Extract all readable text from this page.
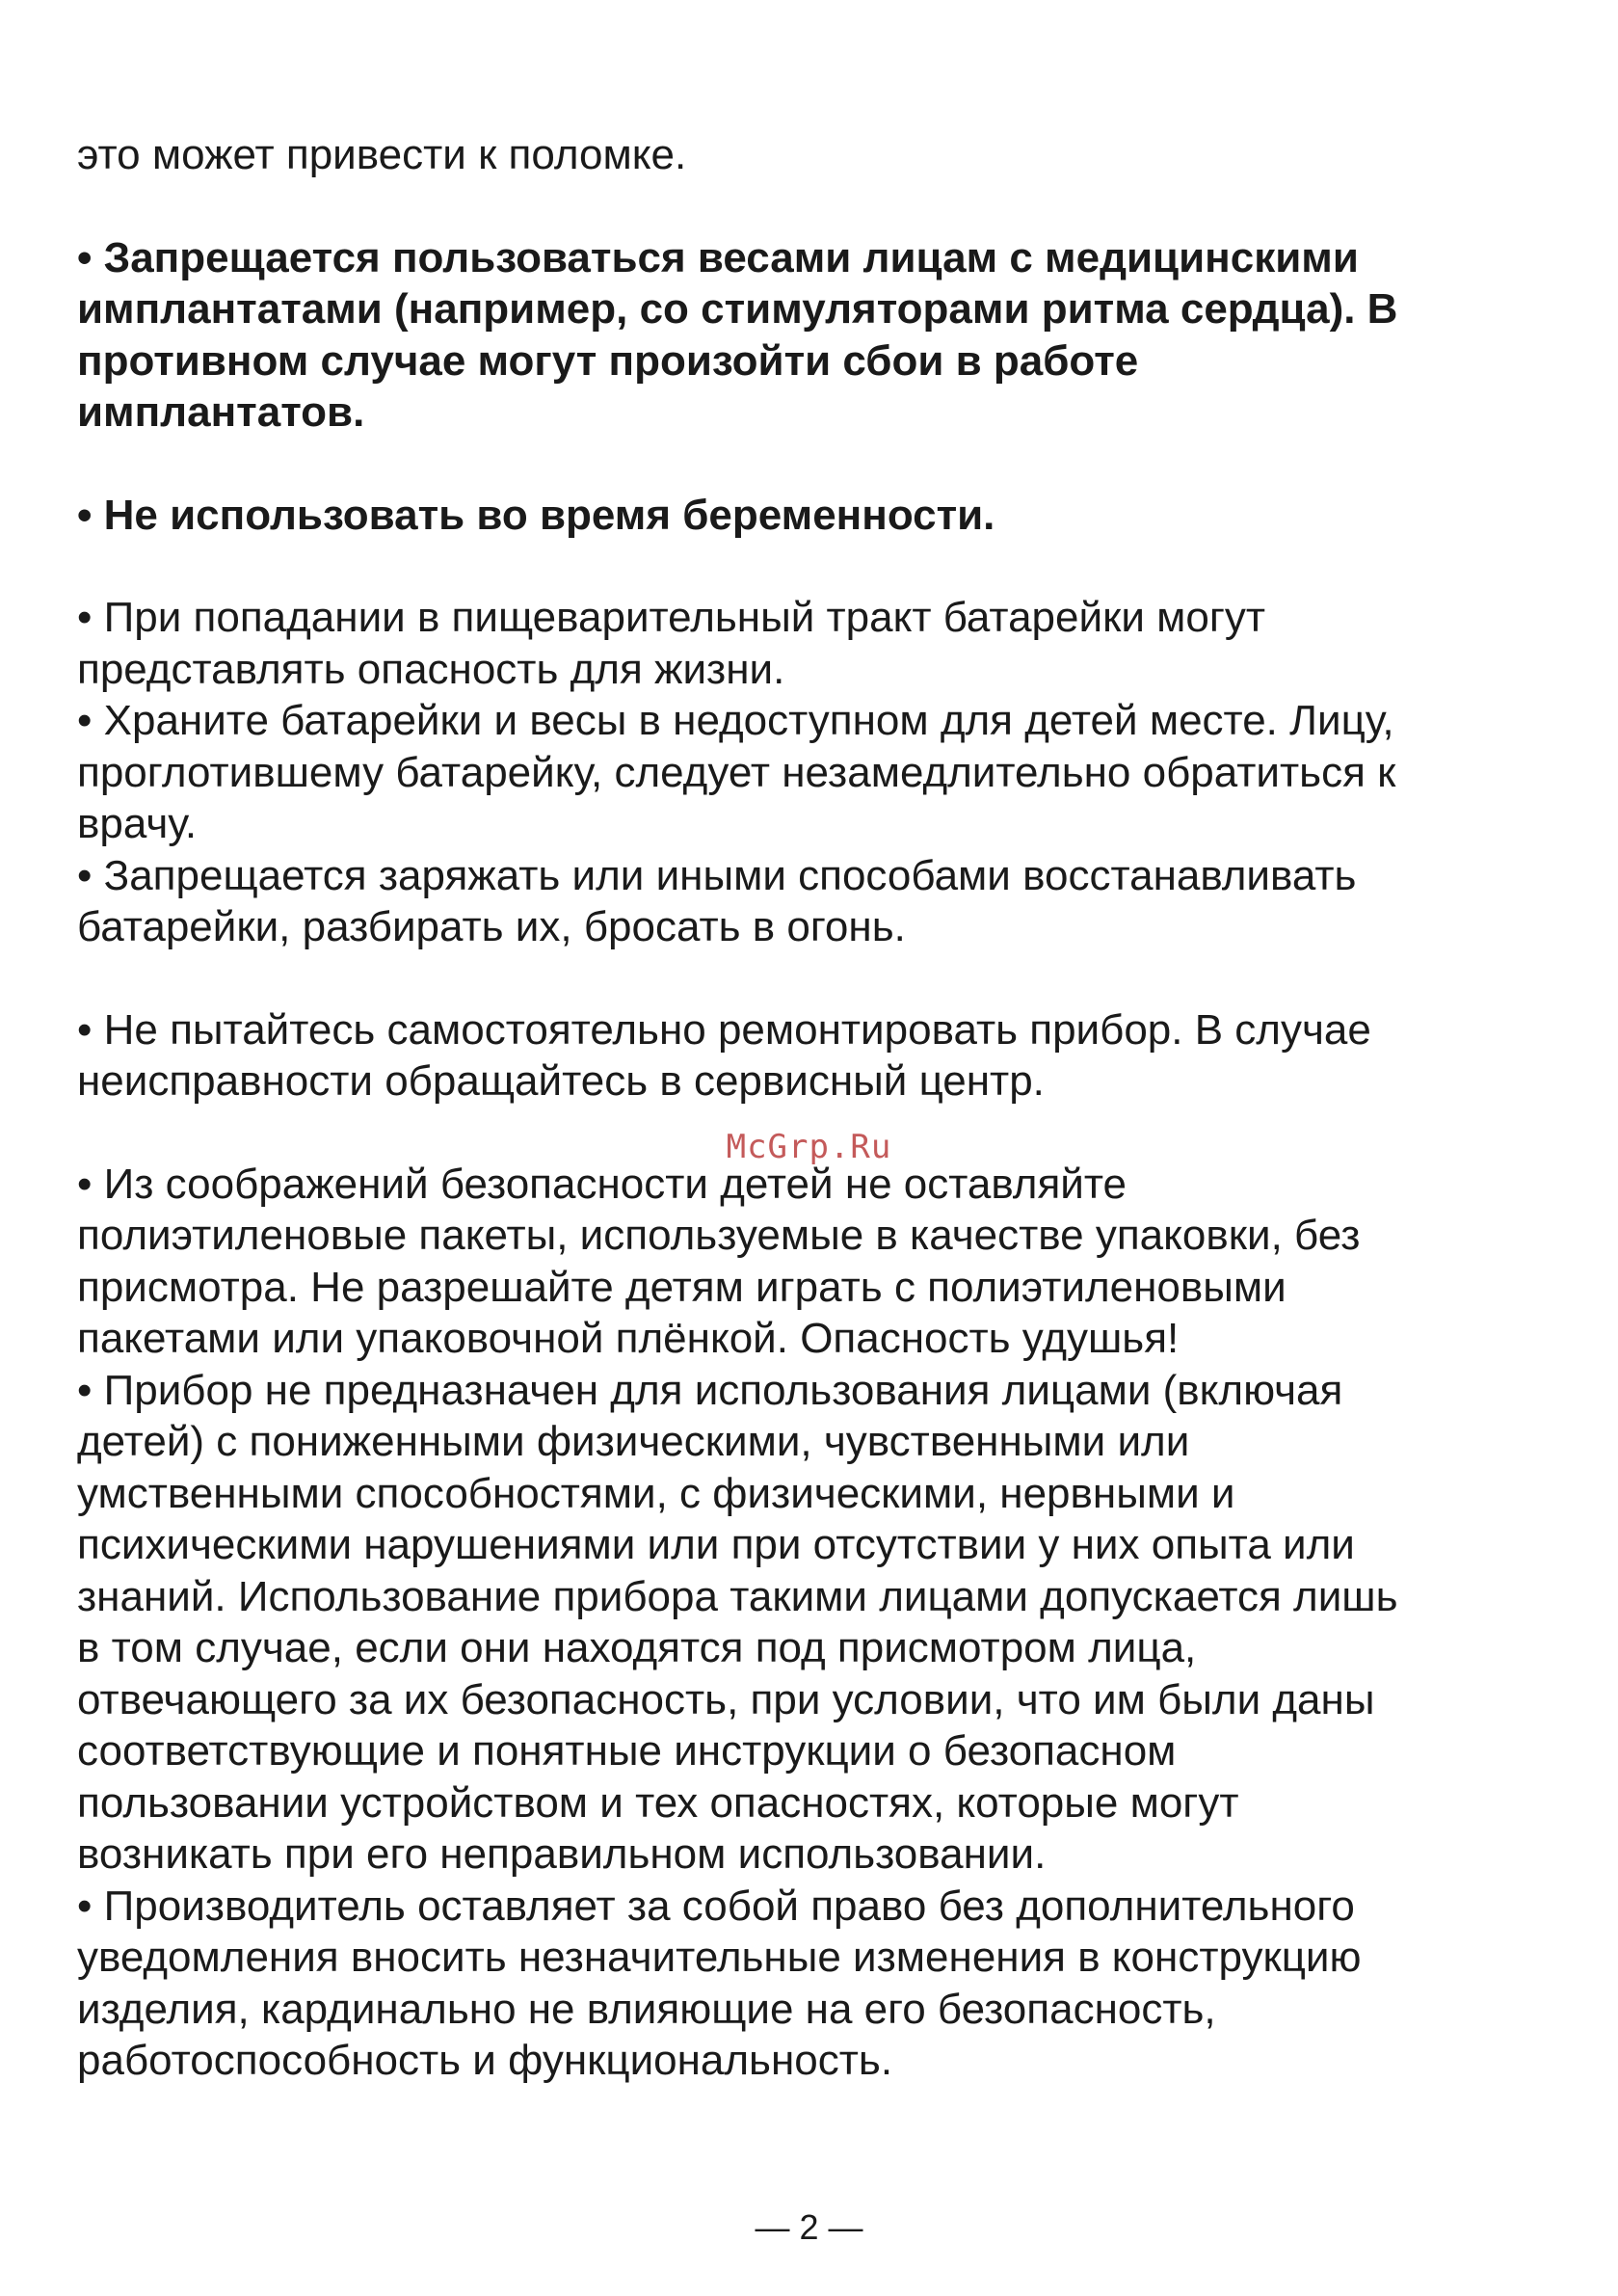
это может привести к поломке.

• Запрещается пользоваться весами лицам с медицинскими
имплантатами (например, со стимуляторами ритма сердца). В
противном случае могут произойти сбои в работе
имплантатов.

• Не использовать во время беременности.

• При попадании в пищеварительный тракт батарейки могут
представлять опасность для жизни.
• Храните батарейки и весы в недоступном для детей месте. Лицу,
проглотившему батарейку, следует незамедлительно обратиться к
врачу.
• Запрещается заряжать или иными способами восстанавливать
батарейки, разбирать их, бросать в огонь.

• Не пытайтесь самостоятельно ремонтировать прибор. В случае
неисправности обращайтесь в сервисный центр.

• Из соображений безопасности детей не оставляйте
полиэтиленовые пакеты, используемые в качестве упаковки, без
присмотра. Не разрешайте детям играть с полиэтиленовыми
пакетами или упаковочной плёнкой. Опасность удушья!
• Прибор не предназначен для использования лицами (включая
детей) с пониженными физическими, чувственными или
умственными способностями, с физическими, нервными и
психическими нарушениями или при отсутствии у них опыта или
знаний. Использование прибора такими лицами допускается лишь
в том случае, если они находятся под присмотром лица,
отвечающего за их безопасность, при условии, что им были даны
соответствующие и понятные инструкции о безопасном
пользовании устройством и тех опасностях, которые могут
возникать при его неправильном использовании.
• Производитель оставляет за собой право без дополнительного
уведомления вносить незначительные изменения в конструкцию
изделия, кардинально не влияющие на его безопасность,
работоспособность и функциональность.

McGrp.Ru
— 2 —
